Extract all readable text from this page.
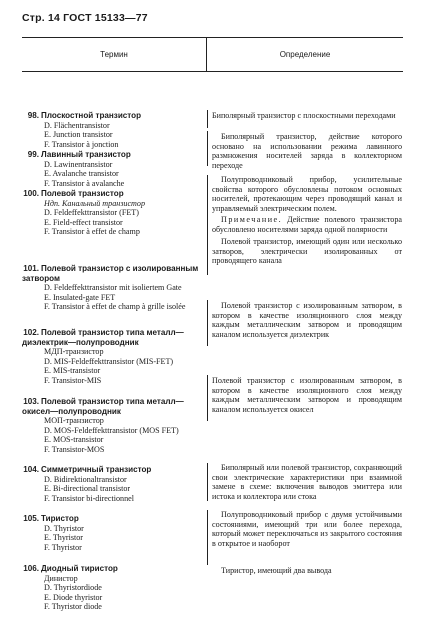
Стр. 14 ГОСТ 15133—77
Термин	Определение
98. Плоскостной транзистор
D. Flächentransistor
E. Junction transistor
F. Transistor à jonction
99. Лавинный транзистор
D. Lawinentransistor
E. Avalanche transistor
F. Transistor à avalanche
100. Полевой транзистор
Ндп. Канальный транзистор
D. Feldeffekttransistor (FET)
E. Field-effect transistor
F. Transistor à effet de champ
101. Полевой транзистор с изолированным затвором
D. Feldeffekttransistor mit isoliertem Gate
E. Insulated-gate FET
F. Transistor à effet de champ à grille isolée
102. Полевой транзистор типа металл—диэлектрик—полупроводник
МДП-транзистор
D. MIS-Feldeffekttransistor (MIS-FET)
E. MIS-transistor
F. Transistor-MIS
103. Полевой транзистор типа металл—окисел—полупроводник
МОП-транзистор
D. MOS-Feldeffekttransistor (MOS FET)
E. MOS-transistor
F. Transistor-MOS
104. Симметричный транзистор
D. Bidirektionaltransistor
E. Bi-directional transistor
F. Transistor bi-directionnel
105. Тиристор
D. Thyristor
E. Thyristor
F. Thyristor
106. Диодный тиристор
Динистор
D. Thyristordiode
E. Diode thyristor
F. Thyristor diode

Биполярный транзистор с плоскостными переходами

Биполярный транзистор, действие которого основано на использовании режима лавинного размножения носителей заряда в коллекторном переходе

Полупроводниковый прибор, усилительные свойства которого обусловлены потоком основных носителей, протекающим через проводящий канал и управляемый электрическим полем.

Примечание. Действие полевого транзистора обусловлено носителями заряда одной полярности

Полевой транзистор, имеющий один или несколько затворов, электрически изолированных от проводящего канала

Полевой транзистор с изолированным затвором, в котором в качестве изоляционного слоя между каждым металлическим затвором и проводящим каналом используется диэлектрик

Полевой транзистор с изолированным затвором, в котором в качестве изоляционного слоя между каждым металлическим затвором и проводящим каналом используется окисел

Биполярный или полевой транзистор, сохраняющий свои электрические характеристики при взаимной замене в схеме: включения выводов эмиттера или истока и коллектора или стока

Полупроводниковый прибор с двумя устойчивыми состояниями, имеющий три или более перехода, который может переключаться из закрытого состояния в открытое и наоборот

Тиристор, имеющий два вывода
